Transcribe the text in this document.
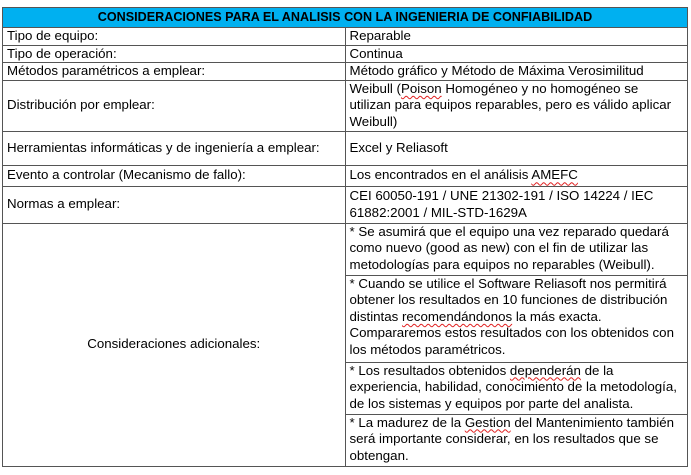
CONSIDERACIONES PARA EL ANALISIS CON LA INGENIERIA DE CONFIABILIDAD	
Tipo de equipo:	Reparable
Tipo de operación:	Continua
Métodos paramétricos a emplear:	Método gráfico y Método de Máxima Verosimilitud
Distribución por emplear:	Weibull (Poison Homogéneo y no homogéneo se utilizan para equipos reparables, pero es válido aplicar Weibull)
Herramientas informáticas y de ingeniería a emplear:	Excel y Reliasoft
Evento a controlar (Mecanismo de fallo):	Los encontrados en el análisis AMEFC
Normas a emplear:	CEI 60050-191 / UNE 21302-191 / ISO 14224 / IEC 61882:2001 / MIL-STD-1629A
Consideraciones adicionales:	* Se asumirá que el equipo una vez reparado quedará como nuevo (good as new) con el fin de utilizar las metodologías para equipos no reparables (Weibull).
	* Cuando se utilice el Software Reliasoft nos permitirá obtener los resultados en 10 funciones de distribución distintas recomendándonos la más exacta.
Compararemos estos resultados con los obtenidos con los métodos paramétricos.
	* Los resultados obtenidos dependerán de la experiencia, habilidad, conocimiento de la metodología, de los sistemas y equipos por parte del analista.
	* La madurez de la Gestion del Mantenimiento también será importante considerar, en los resultados que se obtengan.
